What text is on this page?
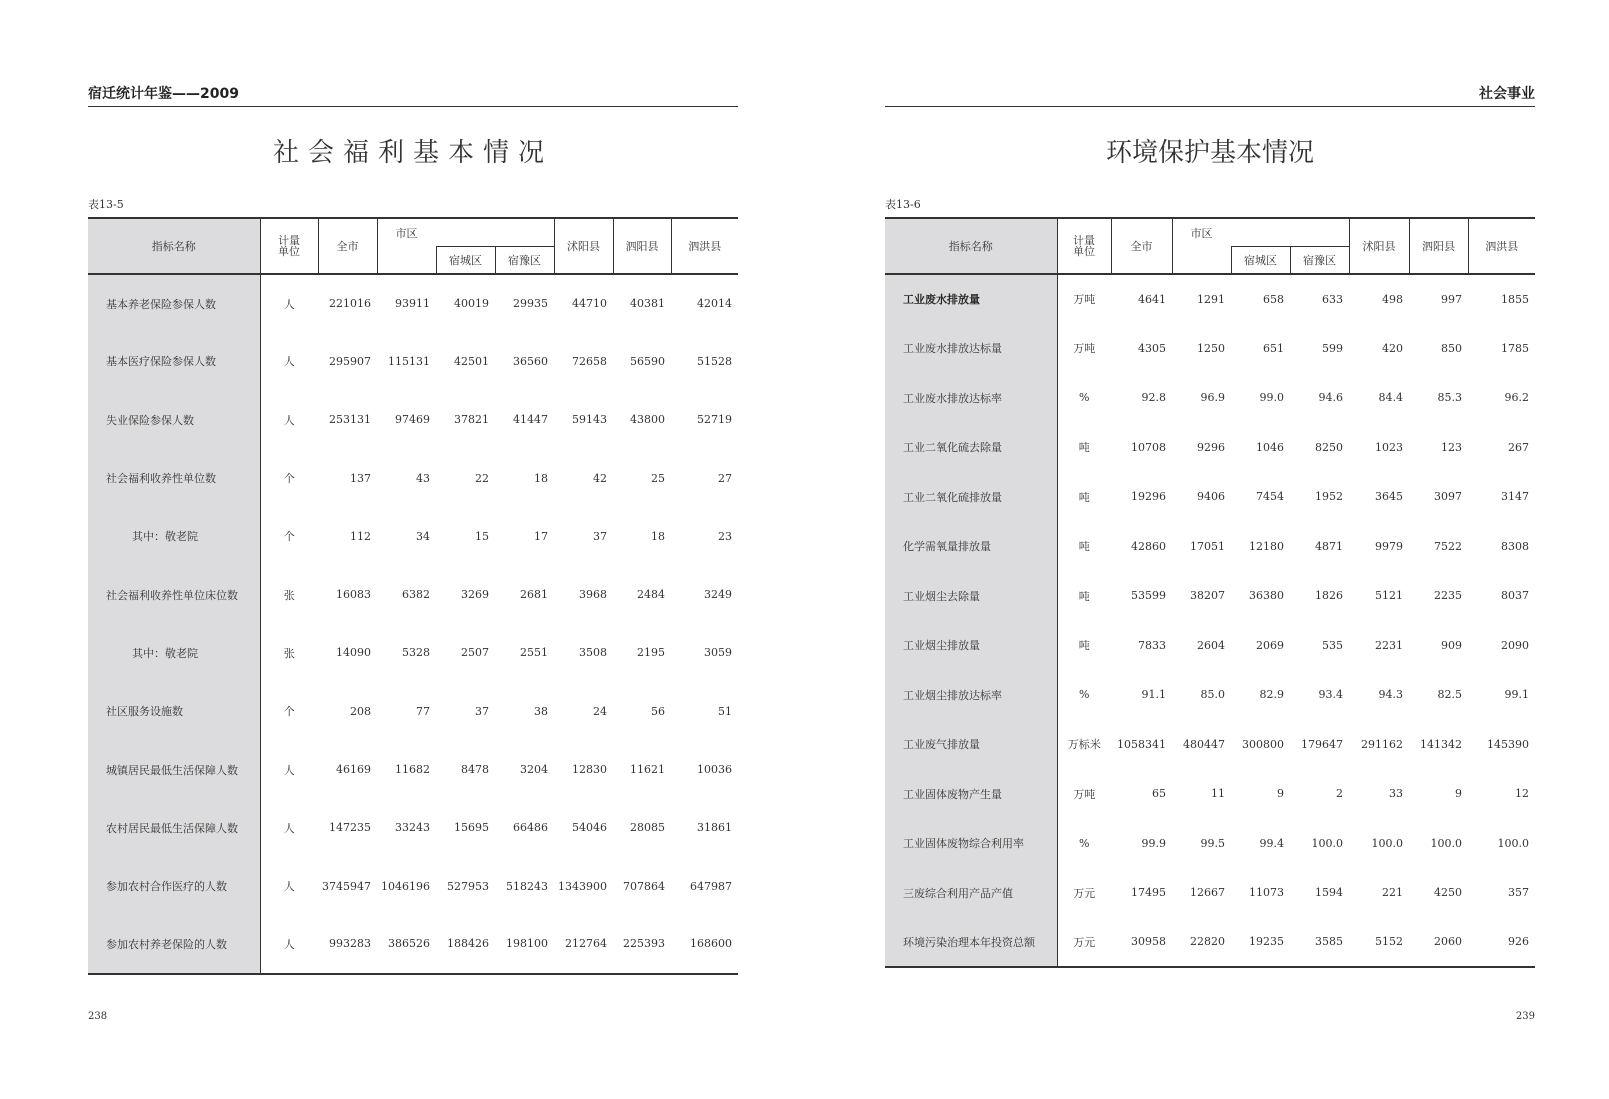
宿迁统计年鉴——2009
社会福利基本情况
表13-5
指标名称	计量单位	全市	市区			沭阳县	泗阳县	泗洪县
				宿城区	宿豫区			
基本养老保险参保人数	人	221016	93911	40019	29935	44710	40381	42014
基本医疗保险参保人数	人	295907	115131	42501	36560	72658	56590	51528
失业保险参保人数	人	253131	97469	37821	41447	59143	43800	52719
社会福利收养性单位数	个	137	43	22	18	42	25	27
其中：敬老院	个	112	34	15	17	37	18	23
社会福利收养性单位床位数	张	16083	6382	3269	2681	3968	2484	3249
其中：敬老院	张	14090	5328	2507	2551	3508	2195	3059
社区服务设施数	个	208	77	37	38	24	56	51
城镇居民最低生活保障人数	人	46169	11682	8478	3204	12830	11621	10036
农村居民最低生活保障人数	人	147235	33243	15695	66486	54046	28085	31861
参加农村合作医疗的人数	人	3745947	1046196	527953	518243	1343900	707864	647987
参加农村养老保险的人数	人	993283	386526	188426	198100	212764	225393	168600
238
社会事业
环境保护基本情况
表13-6
指标名称	计量单位	全市	市区			沭阳县	泗阳县	泗洪县
				宿城区	宿豫区			
工业废水排放量	万吨	4641	1291	658	633	498	997	1855
工业废水排放达标量	万吨	4305	1250	651	599	420	850	1785
工业废水排放达标率	%	92.8	96.9	99.0	94.6	84.4	85.3	96.2
工业二氧化硫去除量	吨	10708	9296	1046	8250	1023	123	267
工业二氧化硫排放量	吨	19296	9406	7454	1952	3645	3097	3147
化学需氧量排放量	吨	42860	17051	12180	4871	9979	7522	8308
工业烟尘去除量	吨	53599	38207	36380	1826	5121	2235	8037
工业烟尘排放量	吨	7833	2604	2069	535	2231	909	2090
工业烟尘排放达标率	%	91.1	85.0	82.9	93.4	94.3	82.5	99.1
工业废气排放量	万标米	1058341	480447	300800	179647	291162	141342	145390
工业固体废物产生量	万吨	65	11	9	2	33	9	12
工业固体废物综合利用率	%	99.9	99.5	99.4	100.0	100.0	100.0	100.0
三废综合利用产品产值	万元	17495	12667	11073	1594	221	4250	357
环境污染治理本年投资总额	万元	30958	22820	19235	3585	5152	2060	926
239
